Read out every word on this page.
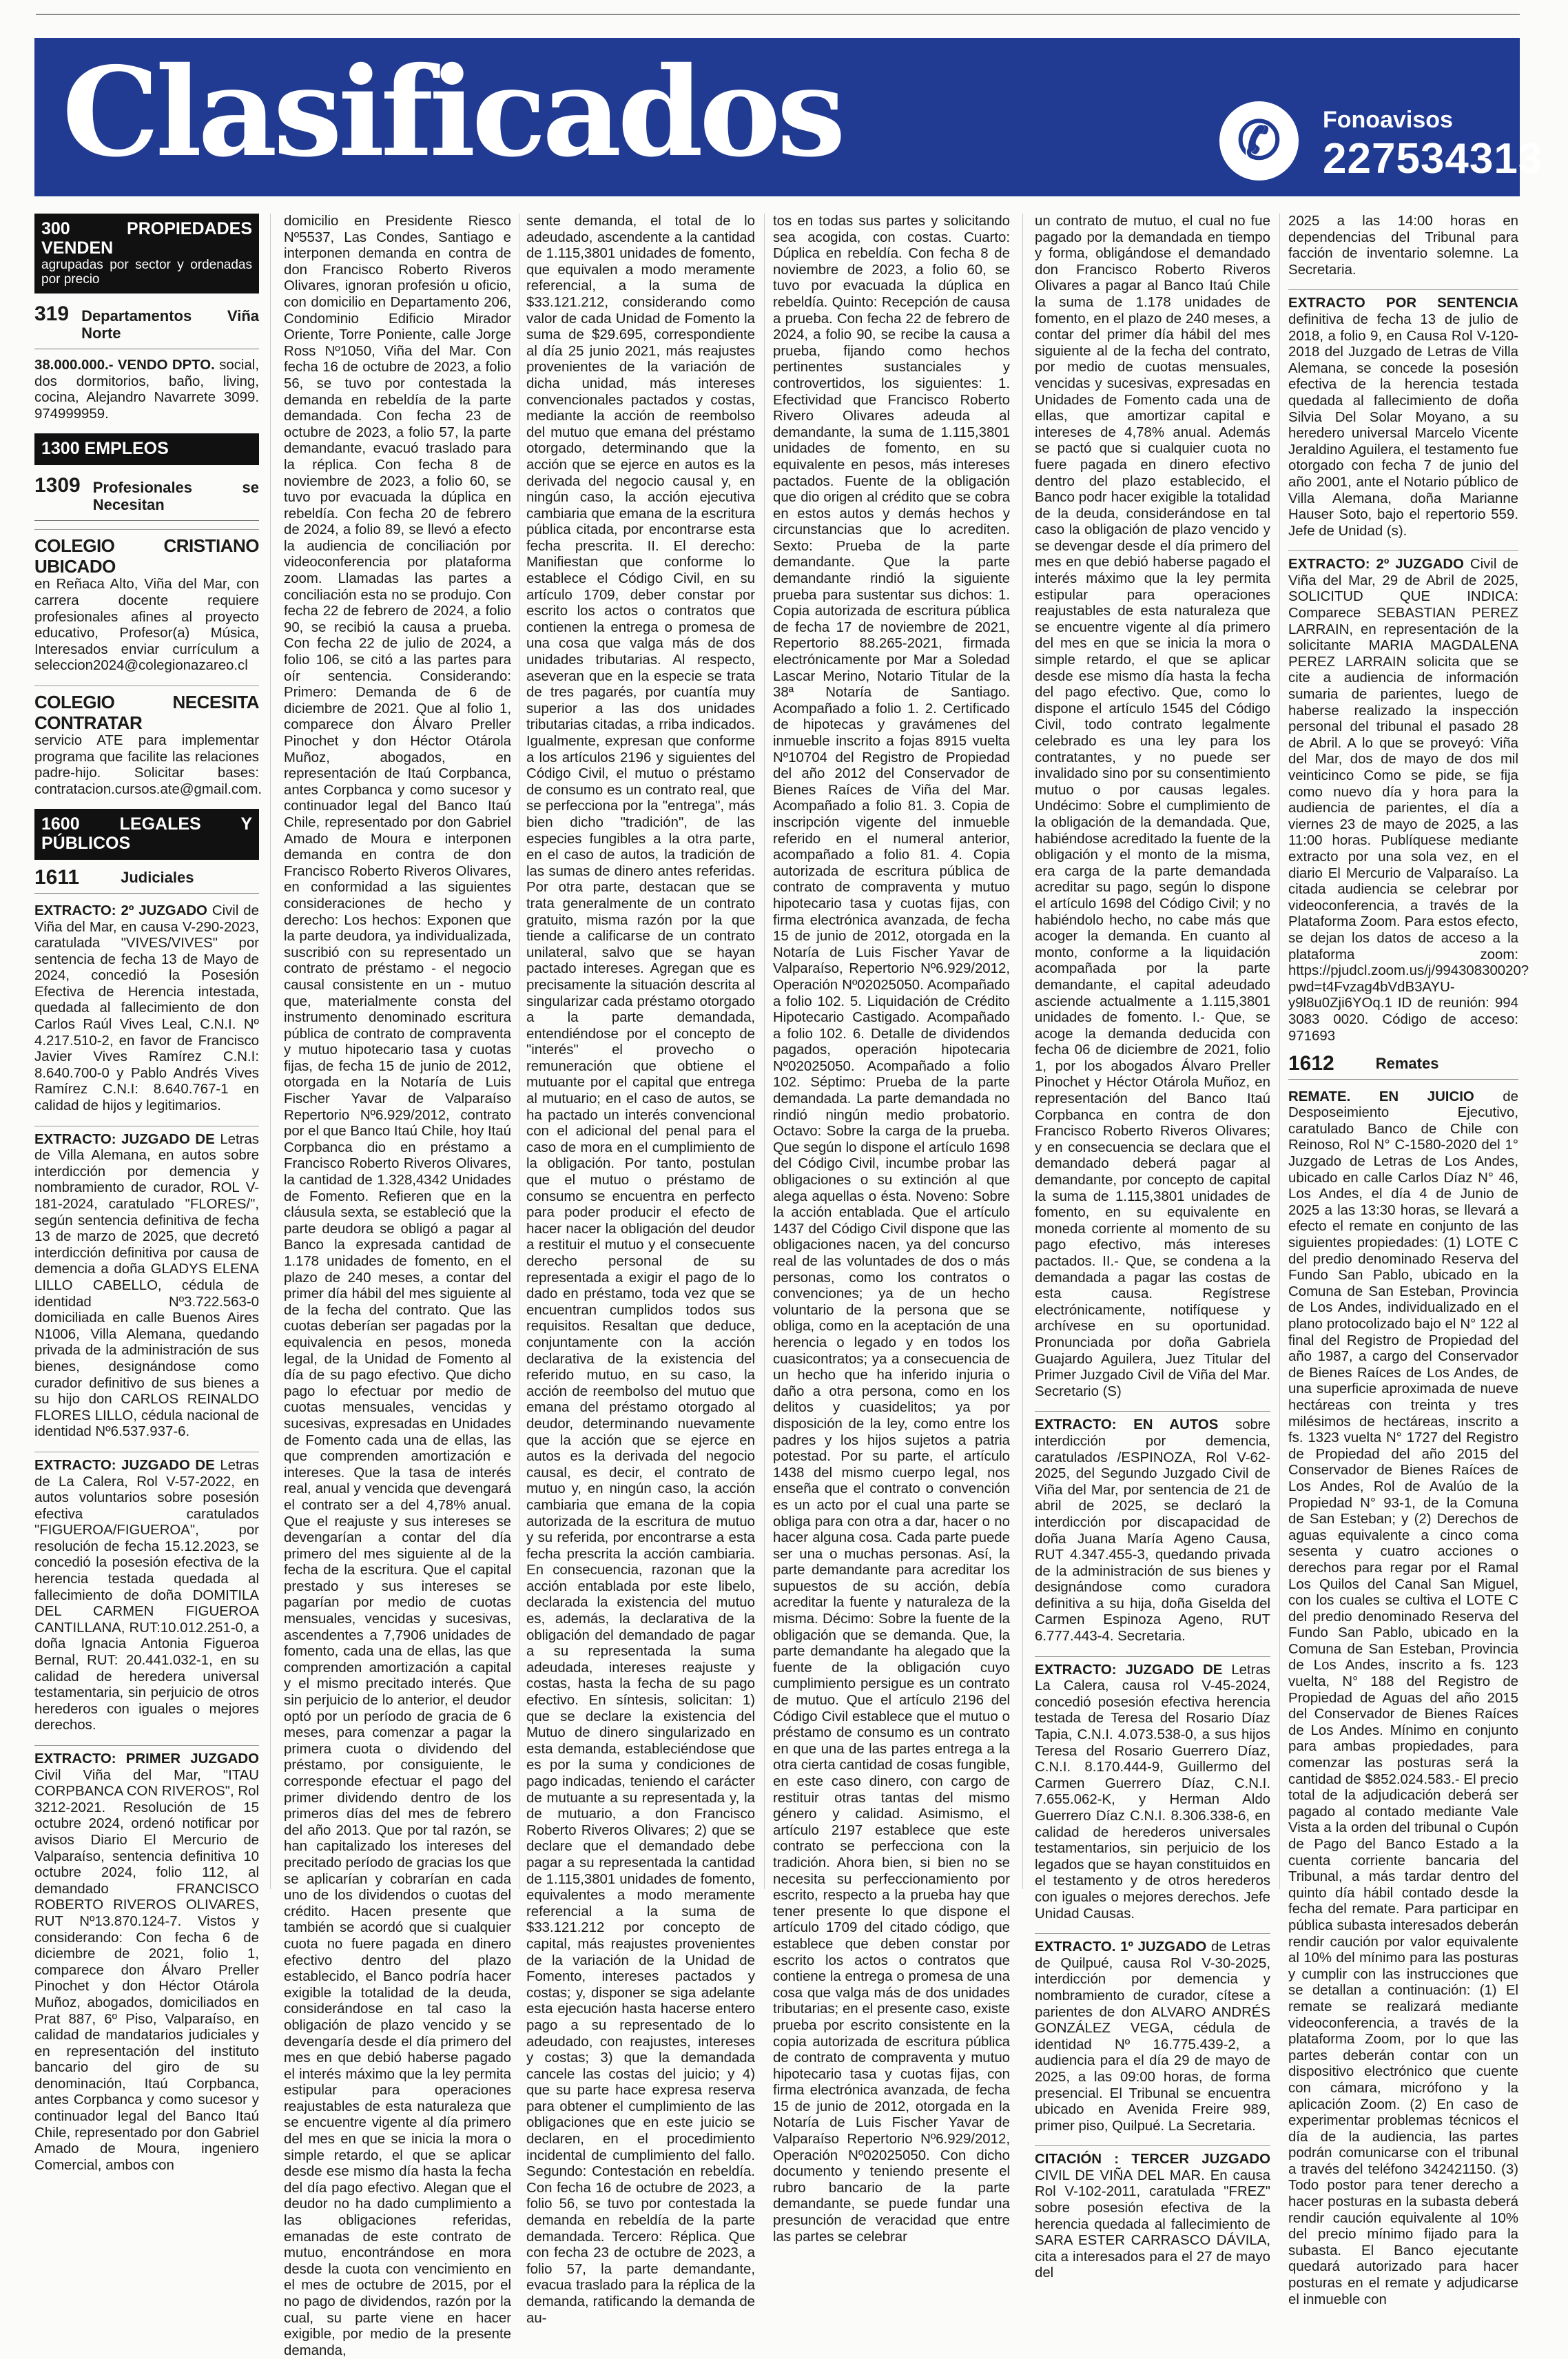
Clasificados	✆	Fonoavisos
227534313
300 PROPIEDADES VENDEN
agrupadas por sector y ordenadas por precio
319 Departamentos Viña Norte

38.000.000.- VENDO DPTO. social, dos dormitorios, baño, living, cocina, Alejandro Navarrete 3099. 974999959.

1300 EMPLEOS
1309 Profesionales se Necesitan
COLEGIO CRISTIANO UBICADO

en Reñaca Alto, Viña del Mar, con carrera docente requiere profesionales afines al proyecto educativo, Profesor(a) Música, Interesados enviar currículum a seleccion2024@colegionazareo.cl

COLEGIO NECESITA CONTRATAR

servicio ATE para implementar programa que facilite las relaciones padre-hijo. Solicitar bases: contratacion.cursos.ate@gmail.com.

1600 LEGALES Y PÚBLICOS
1611	Judiciales

EXTRACTO: 2º JUZGADO Civil de Viña del Mar, en causa V-290-2023, caratulada "VIVES/VIVES" por sentencia de fecha 13 de Mayo de 2024, concedió la Posesión Efectiva de Herencia intestada, quedada al fallecimiento de don Carlos Raúl Vives Leal, C.N.I. Nº 4.217.510-2, en favor de Francisco Javier Vives Ramírez C.N.I: 8.640.700-0 y Pablo Andrés Vives Ramírez C.N.I: 8.640.767-1 en calidad de hijos y legitimarios.

EXTRACTO: JUZGADO DE Letras de Villa Alemana, en autos sobre interdicción por demencia y nombramiento de curador, ROL V-181-2024, caratulado "FLORES/", según sentencia definitiva de fecha 13 de marzo de 2025, que decretó interdicción definitiva por causa de demencia a doña GLADYS ELENA LILLO CABELLO, cédula de identidad Nº3.722.563-0 domiciliada en calle Buenos Aires N1006, Villa Alemana, quedando privada de la administración de sus bienes, designándose como curador definitivo de sus bienes a su hijo don CARLOS REINALDO FLORES LILLO, cédula nacional de identidad Nº6.537.937-6.

EXTRACTO: JUZGADO DE Letras de La Calera, Rol V-57-2022, en autos voluntarios sobre posesión efectiva caratulados "FIGUEROA/FIGUEROA", por resolución de fecha 15.12.2023, se concedió la posesión efectiva de la herencia testada quedada al fallecimiento de doña DOMITILA DEL CARMEN FIGUEROA CANTILLANA, RUT:10.012.251-0, a doña Ignacia Antonia Figueroa Bernal, RUT: 20.441.032-1, en su calidad de heredera universal testamentaria, sin perjuicio de otros herederos con iguales o mejores derechos.

EXTRACTO: PRIMER JUZGADO Civil Viña del Mar, "ITAU CORPBANCA CON RIVEROS", Rol 3212-2021. Resolución de 15 octubre 2024, ordenó notificar por avisos Diario El Mercurio de Valparaíso, sentencia definitiva 10 octubre 2024, folio 112, al demandado FRANCISCO ROBERTO RIVEROS OLIVARES, RUT Nº13.870.124-7. Vistos y considerando: Con fecha 6 de diciembre de 2021, folio 1, comparece don Álvaro Preller Pinochet y don Héctor Otárola Muñoz, abogados, domiciliados en Prat 887, 6º Piso, Valparaíso, en calidad de mandatarios judiciales y en representación del instituto bancario del giro de su denominación, Itaú Corpbanca, antes Corpbanca y como sucesor y continuador legal del Banco Itaú Chile, representado por don Gabriel Amado de Moura, ingeniero Comercial, ambos con

domicilio en Presidente Riesco Nº5537, Las Condes, Santiago e interponen demanda en contra de don Francisco Roberto Riveros Olivares, ignoran profesión u oficio, con domicilio en Departamento 206, Condominio Edificio Mirador Oriente, Torre Poniente, calle Jorge Ross Nº1050, Viña del Mar. Con fecha 16 de octubre de 2023, a folio 56, se tuvo por contestada la demanda en rebeldía de la parte demandada. Con fecha 23 de octubre de 2023, a folio 57, la parte demandante, evacuó traslado para la réplica. Con fecha 8 de noviembre de 2023, a folio 60, se tuvo por evacuada la dúplica en rebeldía. Con fecha 20 de febrero de 2024, a folio 89, se llevó a efecto la audiencia de conciliación por videoconferencia por plataforma zoom. Llamadas las partes a conciliación esta no se produjo. Con fecha 22 de febrero de 2024, a folio 90, se recibió la causa a prueba. Con fecha 22 de julio de 2024, a folio 106, se citó a las partes para oír sentencia. Considerando: Primero: Demanda de 6 de diciembre de 2021. Que al folio 1, comparece don Álvaro Preller Pinochet y don Héctor Otárola Muñoz, abogados, en representación de Itaú Corpbanca, antes Corpbanca y como sucesor y continuador legal del Banco Itaú Chile, representado por don Gabriel Amado de Moura e interponen demanda en contra de don Francisco Roberto Riveros Olivares, en conformidad a las siguientes consideraciones de hecho y derecho: Los hechos: Exponen que la parte deudora, ya individualizada, suscribió con su representado un contrato de préstamo - el negocio causal consistente en un - mutuo que, materialmente consta del instrumento denominado escritura pública de contrato de compraventa y mutuo hipotecario tasa y cuotas fijas, de fecha 15 de junio de 2012, otorgada en la Notaría de Luis Fischer Yavar de Valparaíso Repertorio Nº6.929/2012, contrato por el que Banco Itaú Chile, hoy Itaú Corpbanca dio en préstamo a Francisco Roberto Riveros Olivares, la cantidad de 1.328,4342 Unidades de Fomento. Refieren que en la cláusula sexta, se estableció que la parte deudora se obligó a pagar al Banco la expresada cantidad de 1.178 unidades de fomento, en el plazo de 240 meses, a contar del primer día hábil del mes siguiente al de la fecha del contrato. Que las cuotas deberían ser pagadas por la equivalencia en pesos, moneda legal, de la Unidad de Fomento al día de su pago efectivo. Que dicho pago lo efectuar por medio de cuotas mensuales, vencidas y sucesivas, expresadas en Unidades de Fomento cada una de ellas, las que comprenden amortización e intereses. Que la tasa de interés real, anual y vencida que devengará el contrato ser a del 4,78% anual. Que el reajuste y sus intereses se devengarían a contar del día primero del mes siguiente al de la fecha de la escritura. Que el capital prestado y sus intereses se pagarían por medio de cuotas mensuales, vencidas y sucesivas, ascendentes a 7,7906 unidades de fomento, cada una de ellas, las que comprenden amortización a capital y el mismo precitado interés. Que sin perjuicio de lo anterior, el deudor optó por un período de gracia de 6 meses, para comenzar a pagar la primera cuota o dividendo del préstamo, por consiguiente, le corresponde efectuar el pago del primer dividendo dentro de los primeros días del mes de febrero del año 2013. Que por tal razón, se han capitalizado los intereses del precitado período de gracias los que se aplicarían y cobrarían en cada uno de los dividendos o cuotas del crédito. Hacen presente que también se acordó que si cualquier cuota no fuere pagada en dinero efectivo dentro del plazo establecido, el Banco podría hacer exigible la totalidad de la deuda, considerándose en tal caso la obligación de plazo vencido y se devengaría desde el día primero del mes en que debió haberse pagado el interés máximo que la ley permita estipular para operaciones reajustables de esta naturaleza que se encuentre vigente al día primero del mes en que se inicia la mora o simple retardo, el que se aplicar desde ese mismo día hasta la fecha del día pago efectivo. Alegan que el deudor no ha dado cumplimiento a las obligaciones referidas, emanadas de este contrato de mutuo, encontrándose en mora desde la cuota con vencimiento en el mes de octubre de 2015, por el no pago de dividendos, razón por la cual, su parte viene en hacer exigible, por medio de la presente demanda,

sente demanda, el total de lo adeudado, ascendente a la cantidad de 1.115,3801 unidades de fomento, que equivalen a modo meramente referencial, a la suma de $33.121.212, considerando como valor de cada Unidad de Fomento la suma de $29.695, correspondiente al día 25 junio 2021, más reajustes provenientes de la variación de dicha unidad, más intereses convencionales pactados y costas, mediante la acción de reembolso del mutuo que emana del préstamo otorgado, determinando que la acción que se ejerce en autos es la derivada del negocio causal y, en ningún caso, la acción ejecutiva cambiaria que emana de la escritura pública citada, por encontrarse esta fecha prescrita. II. El derecho: Manifiestan que conforme lo establece el Código Civil, en su artículo 1709, deber constar por escrito los actos o contratos que contienen la entrega o promesa de una cosa que valga más de dos unidades tributarias. Al respecto, aseveran que en la especie se trata de tres pagarés, por cuantía muy superior a las dos unidades tributarias citadas, a rriba indicados. Igualmente, expresan que conforme a los artículos 2196 y siguientes del Código Civil, el mutuo o préstamo de consumo es un contrato real, que se perfecciona por la "entrega", más bien dicho "tradición", de las especies fungibles a la otra parte, en el caso de autos, la tradición de las sumas de dinero antes referidas. Por otra parte, destacan que se trata generalmente de un contrato gratuito, misma razón por la que tiende a calificarse de un contrato unilateral, salvo que se hayan pactado intereses. Agregan que es precisamente la situación descrita al singularizar cada préstamo otorgado a la parte demandada, entendiéndose por el concepto de "interés" el provecho o remuneración que obtiene el mutuante por el capital que entrega al mutuario; en el caso de autos, se ha pactado un interés convencional con el adicional del penal para el caso de mora en el cumplimiento de la obligación. Por tanto, postulan que el mutuo o préstamo de consumo se encuentra en perfecto para poder producir el efecto de hacer nacer la obligación del deudor a restituir el mutuo y el consecuente derecho personal de su representada a exigir el pago de lo dado en préstamo, toda vez que se encuentran cumplidos todos sus requisitos. Resaltan que deduce, conjuntamente con la acción declarativa de la existencia del referido mutuo, en su caso, la acción de reembolso del mutuo que emana del préstamo otorgado al deudor, determinando nuevamente que la acción que se ejerce en autos es la derivada del negocio causal, es decir, el contrato de mutuo y, en ningún caso, la acción cambiaria que emana de la copia autorizada de la escritura de mutuo y su referida, por encontrarse a esta fecha prescrita la acción cambiaria. En consecuencia, razonan que la acción entablada por este libelo, declarada la existencia del mutuo es, además, la declarativa de la obligación del demandado de pagar a su representada la suma adeudada, intereses reajuste y costas, hasta la fecha de su pago efectivo. En síntesis, solicitan: 1) que se declare la existencia del Mutuo de dinero singularizado en esta demanda, estableciéndose que es por la suma y condiciones de pago indicadas, teniendo el carácter de mutuante a su representada y, la de mutuario, a don Francisco Roberto Riveros Olivares; 2) que se declare que el demandado debe pagar a su representada la cantidad de 1.115,3801 unidades de fomento, equivalentes a modo meramente referencial a la suma de $33.121.212 por concepto de capital, más reajustes provenientes de la variación de la Unidad de Fomento, intereses pactados y costas; y, disponer se siga adelante esta ejecución hasta hacerse entero pago a su representado de lo adeudado, con reajustes, intereses y costas; 3) que la demandada cancele las costas del juicio; y 4) que su parte hace expresa reserva para obtener el cumplimiento de las obligaciones que en este juicio se declaren, en el procedimiento incidental de cumplimiento del fallo. Segundo: Contestación en rebeldía. Con fecha 16 de octubre de 2023, a folio 56, se tuvo por contestada la demanda en rebeldía de la parte demandada. Tercero: Réplica. Que con fecha 23 de octubre de 2023, a folio 57, la parte demandante, evacua traslado para la réplica de la demanda, ratificando la demanda de au-

tos en todas sus partes y solicitando sea acogida, con costas. Cuarto: Dúplica en rebeldía. Con fecha 8 de noviembre de 2023, a folio 60, se tuvo por evacuada la dúplica en rebeldía. Quinto: Recepción de causa a prueba. Con fecha 22 de febrero de 2024, a folio 90, se recibe la causa a prueba, fijando como hechos pertinentes sustanciales y controvertidos, los siguientes: 1. Efectividad que Francisco Roberto Rivero Olivares adeuda al demandante, la suma de 1.115,3801 unidades de fomento, en su equivalente en pesos, más intereses pactados. Fuente de la obligación que dio origen al crédito que se cobra en estos autos y demás hechos y circunstancias que lo acrediten. Sexto: Prueba de la parte demandante. Que la parte demandante rindió la siguiente prueba para sustentar sus dichos: 1. Copia autorizada de escritura pública de fecha 17 de noviembre de 2021, Repertorio 88.265-2021, firmada electrónicamente por Mar a Soledad Lascar Merino, Notario Titular de la 38ª Notaría de Santiago. Acompañado a folio 1. 2. Certificado de hipotecas y gravámenes del inmueble inscrito a fojas 8915 vuelta Nº10704 del Registro de Propiedad del año 2012 del Conservador de Bienes Raíces de Viña del Mar. Acompañado a folio 81. 3. Copia de inscripción vigente del inmueble referido en el numeral anterior, acompañado a folio 81. 4. Copia autorizada de escritura pública de contrato de compraventa y mutuo hipotecario tasa y cuotas fijas, con firma electrónica avanzada, de fecha 15 de junio de 2012, otorgada en la Notaría de Luis Fischer Yavar de Valparaíso, Repertorio Nº6.929/2012, Operación Nº02025050. Acompañado a folio 102. 5. Liquidación de Crédito Hipotecario Castigado. Acompañado a folio 102. 6. Detalle de dividendos pagados, operación hipotecaria Nº02025050. Acompañado a folio 102. Séptimo: Prueba de la parte demandada. La parte demandada no rindió ningún medio probatorio. Octavo: Sobre la carga de la prueba. Que según lo dispone el artículo 1698 del Código Civil, incumbe probar las obligaciones o su extinción al que alega aquellas o ésta. Noveno: Sobre la acción entablada. Que el artículo 1437 del Código Civil dispone que las obligaciones nacen, ya del concurso real de las voluntades de dos o más personas, como los contratos o convenciones; ya de un hecho voluntario de la persona que se obliga, como en la aceptación de una herencia o legado y en todos los cuasicontratos; ya a consecuencia de un hecho que ha inferido injuria o daño a otra persona, como en los delitos y cuasidelitos; ya por disposición de la ley, como entre los padres y los hijos sujetos a patria potestad. Por su parte, el artículo 1438 del mismo cuerpo legal, nos enseña que el contrato o convención es un acto por el cual una parte se obliga para con otra a dar, hacer o no hacer alguna cosa. Cada parte puede ser una o muchas personas. Así, la parte demandante para acreditar los supuestos de su acción, debía acreditar la fuente y naturaleza de la misma. Décimo: Sobre la fuente de la obligación que se demanda. Que, la parte demandante ha alegado que la fuente de la obligación cuyo cumplimiento persigue es un contrato de mutuo. Que el artículo 2196 del Código Civil establece que el mutuo o préstamo de consumo es un contrato en que una de las partes entrega a la otra cierta cantidad de cosas fungible, en este caso dinero, con cargo de restituir otras tantas del mismo género y calidad. Asimismo, el artículo 2197 establece que este contrato se perfecciona con la tradición. Ahora bien, si bien no se necesita su perfeccionamiento por escrito, respecto a la prueba hay que tener presente lo que dispone el artículo 1709 del citado código, que establece que deben constar por escrito los actos o contratos que contiene la entrega o promesa de una cosa que valga más de dos unidades tributarias; en el presente caso, existe prueba por escrito consistente en la copia autorizada de escritura pública de contrato de compraventa y mutuo hipotecario tasa y cuotas fijas, con firma electrónica avanzada, de fecha 15 de junio de 2012, otorgada en la Notaría de Luis Fischer Yavar de Valparaíso Repertorio Nº6.929/2012, Operación Nº02025050. Con dicho documento y teniendo presente el rubro bancario de la parte demandante, se puede fundar una presunción de veracidad que entre las partes se celebrar

un contrato de mutuo, el cual no fue pagado por la demandada en tiempo y forma, obligándose el demandado don Francisco Roberto Riveros Olivares a pagar al Banco Itaú Chile la suma de 1.178 unidades de fomento, en el plazo de 240 meses, a contar del primer día hábil del mes siguiente al de la fecha del contrato, por medio de cuotas mensuales, vencidas y sucesivas, expresadas en Unidades de Fomento cada una de ellas, que amortizar capital e intereses de 4,78% anual. Además se pactó que si cualquier cuota no fuere pagada en dinero efectivo dentro del plazo establecido, el Banco podr hacer exigible la totalidad de la deuda, considerándose en tal caso la obligación de plazo vencido y se devengar desde el día primero del mes en que debió haberse pagado el interés máximo que la ley permita estipular para operaciones reajustables de esta naturaleza que se encuentre vigente al día primero del mes en que se inicia la mora o simple retardo, el que se aplicar desde ese mismo día hasta la fecha del pago efectivo. Que, como lo dispone el artículo 1545 del Código Civil, todo contrato legalmente celebrado es una ley para los contratantes, y no puede ser invalidado sino por su consentimiento mutuo o por causas legales. Undécimo: Sobre el cumplimiento de la obligación de la demandada. Que, habiéndose acreditado la fuente de la obligación y el monto de la misma, era carga de la parte demandada acreditar su pago, según lo dispone el artículo 1698 del Código Civil; y no habiéndolo hecho, no cabe más que acoger la demanda. En cuanto al monto, conforme a la liquidación acompañada por la parte demandante, el capital adeudado asciende actualmente a 1.115,3801 unidades de fomento. I.- Que, se acoge la demanda deducida con fecha 06 de diciembre de 2021, folio 1, por los abogados Álvaro Preller Pinochet y Héctor Otárola Muñoz, en representación del Banco Itaú Corpbanca en contra de don Francisco Roberto Riveros Olivares; y en consecuencia se declara que el demandado deberá pagar al demandante, por concepto de capital la suma de 1.115,3801 unidades de fomento, en su equivalente en moneda corriente al momento de su pago efectivo, más intereses pactados. II.- Que, se condena a la demandada a pagar las costas de esta causa. Regístrese electrónicamente, notifíquese y archívese en su oportunidad. Pronunciada por doña Gabriela Guajardo Aguilera, Juez Titular del Primer Juzgado Civil de Viña del Mar. Secretario (S)

EXTRACTO: EN AUTOS sobre interdicción por demencia, caratulados /ESPINOZA, Rol V-62-2025, del Segundo Juzgado Civil de Viña del Mar, por sentencia de 21 de abril de 2025, se declaró la interdicción por discapacidad de doña Juana María Ageno Causa, RUT 4.347.455-3, quedando privada de la administración de sus bienes y designándose como curadora definitiva a su hija, doña Giselda del Carmen Espinoza Ageno, RUT 6.777.443-4. Secretaria.

EXTRACTO: JUZGADO DE Letras La Calera, causa rol V-45-2024, concedió posesión efectiva herencia testada de Teresa del Rosario Díaz Tapia, C.N.I. 4.073.538-0, a sus hijos Teresa del Rosario Guerrero Díaz, C.N.I. 8.170.444-9, Guillermo del Carmen Guerrero Díaz, C.N.I. 7.655.062-K, y Herman Aldo Guerrero Díaz C.N.I. 8.306.338-6, en calidad de herederos universales testamentarios, sin perjuicio de los legados que se hayan constituidos en el testamento y de otros herederos con iguales o mejores derechos. Jefe Unidad Causas.

EXTRACTO. 1º JUZGADO de Letras de Quilpué, causa Rol V-30-2025, interdicción por demencia y nombramiento de curador, cítese a parientes de don ALVARO ANDRÉS GONZÁLEZ VEGA, cédula de identidad Nº 16.775.439-2, a audiencia para el día 29 de mayo de 2025, a las 09:00 horas, de forma presencial. El Tribunal se encuentra ubicado en Avenida Freire 989, primer piso, Quilpué. La Secretaria.

CITACIÓN : TERCER JUZGADO CIVIL DE VIÑA DEL MAR. En causa Rol V-102-2011, caratulada "FREZ" sobre posesión efectiva de la herencia quedada al fallecimiento de SARA ESTER CARRASCO DÁVILA, cita a interesados para el 27 de mayo del

2025 a las 14:00 horas en dependencias del Tribunal para facción de inventario solemne. La Secretaria.

EXTRACTO POR SENTENCIA definitiva de fecha 13 de julio de 2018, a folio 9, en Causa Rol V-120-2018 del Juzgado de Letras de Villa Alemana, se concede la posesión efectiva de la herencia testada quedada al fallecimiento de doña Silvia Del Solar Moyano, a su heredero universal Marcelo Vicente Jeraldino Aguilera, el testamento fue otorgado con fecha 7 de junio del año 2001, ante el Notario público de Villa Alemana, doña Marianne Hauser Soto, bajo el repertorio 559. Jefe de Unidad (s).

EXTRACTO: 2º JUZGADO Civil de Viña del Mar, 29 de Abril de 2025, SOLICITUD QUE INDICA: Comparece SEBASTIAN PEREZ LARRAIN, en representación de la solicitante MARIA MAGDALENA PEREZ LARRAIN solicita que se cite a audiencia de información sumaria de parientes, luego de haberse realizado la inspección personal del tribunal el pasado 28 de Abril. A lo que se proveyó: Viña del Mar, dos de mayo de dos mil veinticinco Como se pide, se fija como nuevo día y hora para la audiencia de parientes, el día a viernes 23 de mayo de 2025, a las 11:00 horas. Publíquese mediante extracto por una sola vez, en el diario El Mercurio de Valparaíso. La citada audiencia se celebrar por videoconferencia, a través de la Plataforma Zoom. Para estos efecto, se dejan los datos de acceso a la plataforma zoom: https://pjudcl.zoom.us/j/99430830020?pwd=t4Fvzag4bVdB3AYU-y9l8u0Zji6YOq.1 ID de reunión: 994 3083 0020. Código de acceso: 971693

1612	Remates

REMATE. EN JUICIO de Desposeimiento Ejecutivo, caratulado Banco de Chile con Reinoso, Rol N° C-1580-2020 del 1° Juzgado de Letras de Los Andes, ubicado en calle Carlos Díaz N° 46, Los Andes, el día 4 de Junio de 2025 a las 13:30 horas, se llevará a efecto el remate en conjunto de las siguientes propiedades: (1) LOTE C del predio denominado Reserva del Fundo San Pablo, ubicado en la Comuna de San Esteban, Provincia de Los Andes, individualizado en el plano protocolizado bajo el N° 122 al final del Registro de Propiedad del año 1987, a cargo del Conservador de Bienes Raíces de Los Andes, de una superficie aproximada de nueve hectáreas con treinta y tres milésimos de hectáreas, inscrito a fs. 1323 vuelta N° 1727 del Registro de Propiedad del año 2015 del Conservador de Bienes Raíces de Los Andes, Rol de Avalúo de la Propiedad N° 93-1, de la Comuna de San Esteban; y (2) Derechos de aguas equivalente a cinco coma sesenta y cuatro acciones o derechos para regar por el Ramal Los Quilos del Canal San Miguel, con los cuales se cultiva el LOTE C del predio denominado Reserva del Fundo San Pablo, ubicado en la Comuna de San Esteban, Provincia de Los Andes, inscrito a fs. 123 vuelta, N° 188 del Registro de Propiedad de Aguas del año 2015 del Conservador de Bienes Raíces de Los Andes. Mínimo en conjunto para ambas propiedades, para comenzar las posturas será la cantidad de $852.024.583.- El precio total de la adjudicación deberá ser pagado al contado mediante Vale Vista a la orden del tribunal o Cupón de Pago del Banco Estado a la cuenta corriente bancaria del Tribunal, a más tardar dentro del quinto día hábil contado desde la fecha del remate. Para participar en pública subasta interesados deberán rendir caución por valor equivalente al 10% del mínimo para las posturas y cumplir con las instrucciones que se detallan a continuación: (1) El remate se realizará mediante videoconferencia, a través de la plataforma Zoom, por lo que las partes deberán contar con un dispositivo electrónico que cuente con cámara, micrófono y la aplicación Zoom. (2) En caso de experimentar problemas técnicos el día de la audiencia, las partes podrán comunicarse con el tribunal a través del teléfono 342421150. (3) Todo postor para tener derecho a hacer posturas en la subasta deberá rendir caución equivalente al 10% del precio mínimo fijado para la subasta. El Banco ejecutante quedará autorizado para hacer posturas en el remate y adjudicarse el inmueble con
